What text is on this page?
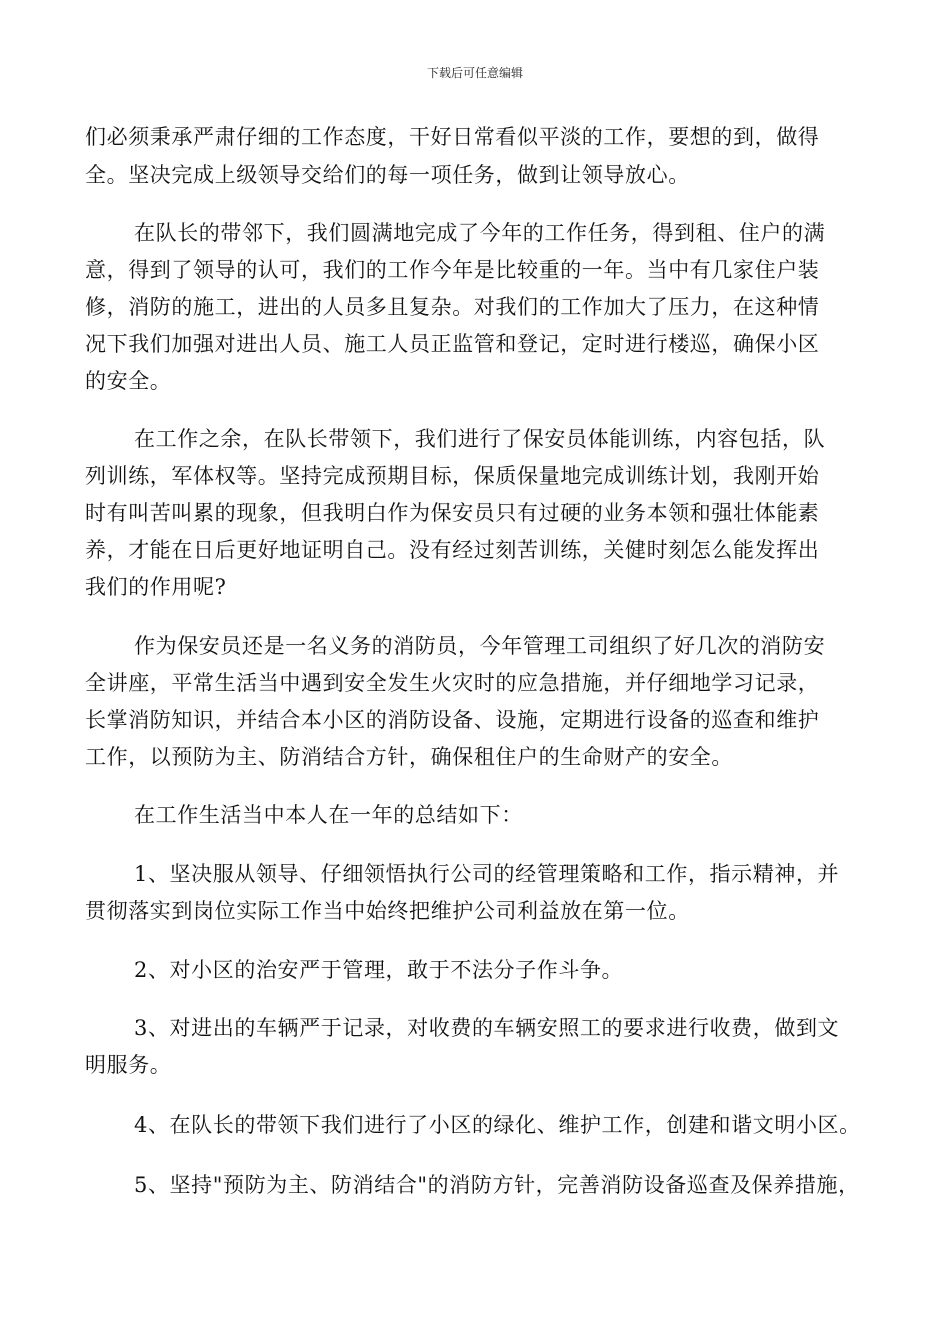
下载后可任意编辑
们必须秉承严肃仔细的工作态度，干好日常看似平淡的工作，要想的到，做得
全。坚决完成上级领导交给们的每一项任务，做到让领导放心。
在队长的带邻下，我们圆满地完成了今年的工作任务，得到租、住户的满
意，得到了领导的认可，我们的工作今年是比较重的一年。当中有几家住户装
修，消防的施工，进出的人员多且复杂。对我们的工作加大了压力，在这种情
况下我们加强对进出人员、施工人员正监管和登记，定时进行楼巡，确保小区
的安全。
在工作之余，在队长带领下，我们进行了保安员体能训练，内容包括，队
列训练，军体权等。坚持完成预期目标，保质保量地完成训练计划，我刚开始
时有叫苦叫累的现象，但我明白作为保安员只有过硬的业务本领和强壮体能素
养，才能在日后更好地证明自己。没有经过刻苦训练，关健时刻怎么能发挥出
我们的作用呢?
作为保安员还是一名义务的消防员，今年管理工司组织了好几次的消防安
全讲座，平常生活当中遇到安全发生火灾时的应急措施，并仔细地学习记录，
长掌消防知识，并结合本小区的消防设备、设施，定期进行设备的巡查和维护
工作，以预防为主、防消结合方针，确保租住户的生命财产的安全。
在工作生活当中本人在一年的总结如下：
1、坚决服从领导、仔细领悟执行公司的经管理策略和工作，指示精神，并
贯彻落实到岗位实际工作当中始终把维护公司利益放在第一位。
2、对小区的治安严于管理，敢于不法分子作斗争。
3、对进出的车辆严于记录，对收费的车辆安照工的要求进行收费，做到文
明服务。
4、在队长的带领下我们进行了小区的绿化、维护工作，创建和谐文明小区。
5、坚持"预防为主、防消结合"的消防方针，完善消防设备巡查及保养措施，
